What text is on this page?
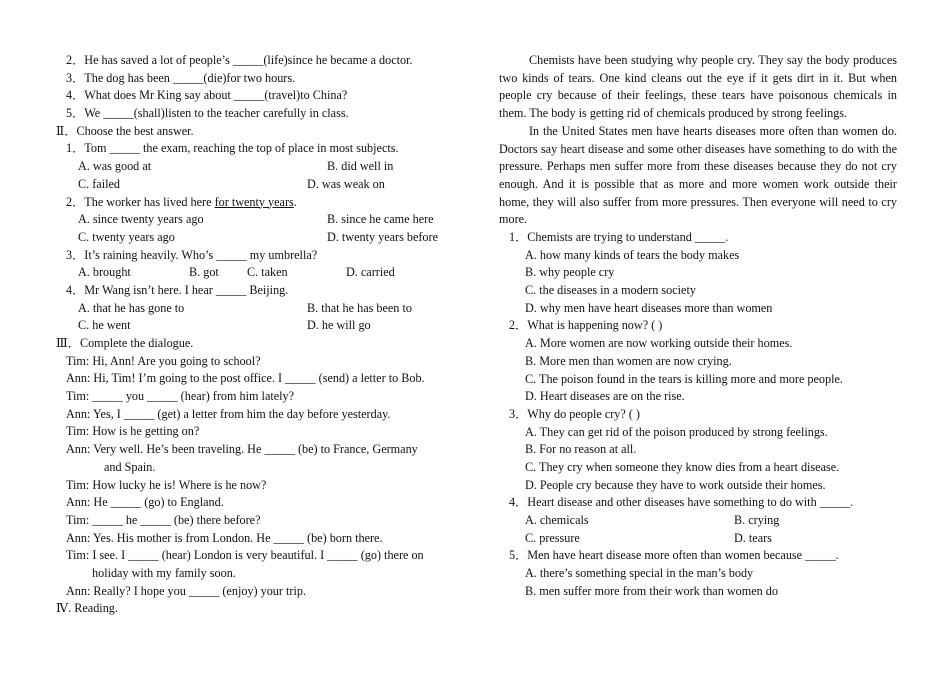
2．He has saved a lot of people’s _____(life)since he became a doctor.
3．The dog has been _____(die)for two hours.
4．What does Mr King say about _____(travel)to China?
5．We _____(shall)listen to the teacher carefully in class.
Ⅱ．Choose the best answer.
1．Tom _____ the exam, reaching the top of place in most subjects.
A. was good at	B. did well in
C. failed	D. was weak on
2．The worker has lived here for twenty years.
A. since twenty years ago	B. since he came here
C. twenty years ago	D. twenty years before
3．It’s raining heavily. Who’s _____ my umbrella?
A. brought	B. got C. taken	D. carried
4．Mr Wang isn’t here. I hear _____ Beijing.
A. that he has gone to	B. that he has been to
C. he went	D. he will go
Ⅲ．Complete the dialogue.
Tim: Hi, Ann! Are you going to school?
Ann: Hi, Tim! I’m going to the post office. I _____ (send) a letter to Bob.
Tim: _____ you _____ (hear) from him lately?
Ann: Yes, I _____ (get) a letter from him the day before yesterday.
Tim: How is he getting on?
Ann: Very well. He’s been traveling. He _____ (be) to France, Germany
and Spain.
Tim: How lucky he is! Where is he now?
Ann: He _____ (go) to England.
Tim: _____ he _____ (be) there before?
Ann: Yes. His mother is from London. He _____ (be) born there.
Tim: I see. I _____ (hear) London is very beautiful. I _____ (go) there on
holiday with my family soon.
Ann: Really? I hope you _____ (enjoy) your trip.
Ⅳ. Reading.

Chemists have been studying why people cry. They say the body produces two kinds of tears. One kind cleans out the eye if it gets dirt in it. But when people cry because of their feelings, these tears have poisonous chemicals in them. The body is getting rid of chemicals produced by strong feelings.

In the United States men have hearts diseases more often than women do. Doctors say heart disease and some other diseases have something to do with the pressure. Perhaps men suffer more from these diseases because they do not cry enough. And it is possible that as more and more women work outside their home, they will also suffer from more pressures. Then everyone will need to cry more.

1．Chemists are trying to understand _____.
A. how many kinds of tears the body makes
B. why people cry
C. the diseases in a modern society
D. why men have heart diseases more than women
2．What is happening now? ( )
A. More women are now working outside their homes.
B. More men than women are now crying.
C. The poison found in the tears is killing more and more people.
D. Heart diseases are on the rise.
3．Why do people cry? ( )
A. They can get rid of the poison produced by strong feelings.
B. For no reason at all.
C. They cry when someone they know dies from a heart disease.
D. People cry because they have to work outside their homes.
4．Heart disease and other diseases have something to do with _____.
A. chemicals	B. crying
C. pressure	D. tears
5．Men have heart disease more often than women because _____.
A. there’s something special in the man’s body
B. men suffer more from their work than women do
